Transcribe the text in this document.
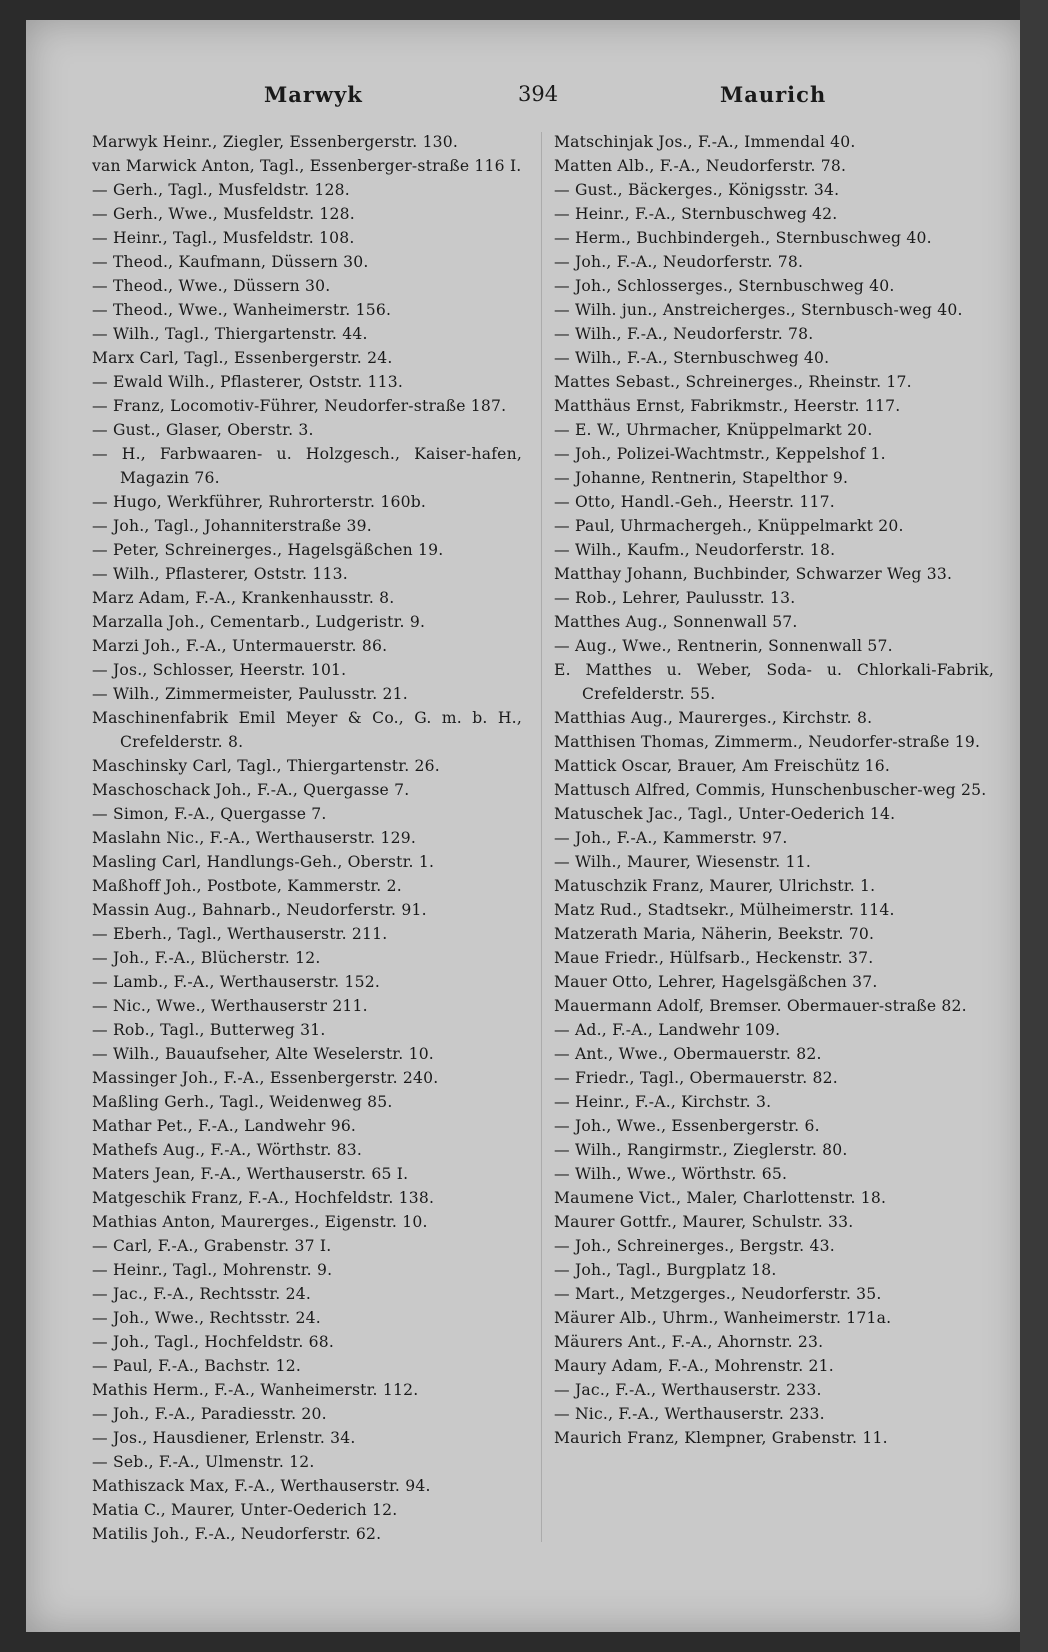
Marwyk	394	Maurich
Marwyk Heinr., Ziegler, Essenbergerstr. 130.
van Marwick Anton, Tagl., Essenberger-straße 116 I.
— Gerh., Tagl., Musfeldstr. 128.
— Gerh., Wwe., Musfeldstr. 128.
— Heinr., Tagl., Musfeldstr. 108.
— Theod., Kaufmann, Düssern 30.
— Theod., Wwe., Düssern 30.
— Theod., Wwe., Wanheimerstr. 156.
— Wilh., Tagl., Thiergartenstr. 44.
Marx Carl, Tagl., Essenbergerstr. 24.
— Ewald Wilh., Pflasterer, Oststr. 113.
— Franz, Locomotiv-Führer, Neudorfer-straße 187.
— Gust., Glaser, Oberstr. 3.
— H., Farbwaaren- u. Holzgesch., Kaiser-hafen, Magazin 76.
— Hugo, Werkführer, Ruhrorterstr. 160b.
— Joh., Tagl., Johanniterstraße 39.
— Peter, Schreinerges., Hagelsgäßchen 19.
— Wilh., Pflasterer, Oststr. 113.
Marz Adam, F.-A., Krankenhausstr. 8.
Marzalla Joh., Cementarb., Ludgeristr. 9.
Marzi Joh., F.-A., Untermauerstr. 86.
— Jos., Schlosser, Heerstr. 101.
— Wilh., Zimmermeister, Paulusstr. 21.
Maschinenfabrik Emil Meyer & Co., G. m. b. H., Crefelderstr. 8.
Maschinsky Carl, Tagl., Thiergartenstr. 26.
Maschoschack Joh., F.-A., Quergasse 7.
— Simon, F.-A., Quergasse 7.
Maslahn Nic., F.-A., Werthauserstr. 129.
Masling Carl, Handlungs-Geh., Oberstr. 1.
Maßhoff Joh., Postbote, Kammerstr. 2.
Massin Aug., Bahnarb., Neudorferstr. 91.
— Eberh., Tagl., Werthauserstr. 211.
— Joh., F.-A., Blücherstr. 12.
— Lamb., F.-A., Werthauserstr. 152.
— Nic., Wwe., Werthauserstr 211.
— Rob., Tagl., Butterweg 31.
— Wilh., Bauaufseher, Alte Weselerstr. 10.
Massinger Joh., F.-A., Essenbergerstr. 240.
Maßling Gerh., Tagl., Weidenweg 85.
Mathar Pet., F.-A., Landwehr 96.
Mathefs Aug., F.-A., Wörthstr. 83.
Maters Jean, F.-A., Werthauserstr. 65 I.
Matgeschik Franz, F.-A., Hochfeldstr. 138.
Mathias Anton, Maurerges., Eigenstr. 10.
— Carl, F.-A., Grabenstr. 37 I.
— Heinr., Tagl., Mohrenstr. 9.
— Jac., F.-A., Rechtsstr. 24.
— Joh., Wwe., Rechtsstr. 24.
— Joh., Tagl., Hochfeldstr. 68.
— Paul, F.-A., Bachstr. 12.
Mathis Herm., F.-A., Wanheimerstr. 112.
— Joh., F.-A., Paradiesstr. 20.
— Jos., Hausdiener, Erlenstr. 34.
— Seb., F.-A., Ulmenstr. 12.
Mathiszack Max, F.-A., Werthauserstr. 94.
Matia C., Maurer, Unter-Oederich 12.
Matilis Joh., F.-A., Neudorferstr. 62.
Matschinjak Jos., F.-A., Immendal 40.
Matten Alb., F.-A., Neudorferstr. 78.
— Gust., Bäckerges., Königsstr. 34.
— Heinr., F.-A., Sternbuschweg 42.
— Herm., Buchbindergeh., Sternbuschweg 40.
— Joh., F.-A., Neudorferstr. 78.
— Joh., Schlosserges., Sternbuschweg 40.
— Wilh. jun., Anstreicherges., Sternbusch-weg 40.
— Wilh., F.-A., Neudorferstr. 78.
— Wilh., F.-A., Sternbuschweg 40.
Mattes Sebast., Schreinerges., Rheinstr. 17.
Matthäus Ernst, Fabrikmstr., Heerstr. 117.
— E. W., Uhrmacher, Knüppelmarkt 20.
— Joh., Polizei-Wachtmstr., Keppelshof 1.
— Johanne, Rentnerin, Stapelthor 9.
— Otto, Handl.-Geh., Heerstr. 117.
— Paul, Uhrmachergeh., Knüppelmarkt 20.
— Wilh., Kaufm., Neudorferstr. 18.
Matthay Johann, Buchbinder, Schwarzer Weg 33.
— Rob., Lehrer, Paulusstr. 13.
Matthes Aug., Sonnenwall 57.
— Aug., Wwe., Rentnerin, Sonnenwall 57.
E. Matthes u. Weber, Soda- u. Chlorkali-Fabrik, Crefelderstr. 55.
Matthias Aug., Maurerges., Kirchstr. 8.
Matthisen Thomas, Zimmerm., Neudorfer-straße 19.
Mattick Oscar, Brauer, Am Freischütz 16.
Mattusch Alfred, Commis, Hunschenbuscher-weg 25.
Matuschek Jac., Tagl., Unter-Oederich 14.
— Joh., F.-A., Kammerstr. 97.
— Wilh., Maurer, Wiesenstr. 11.
Matuschzik Franz, Maurer, Ulrichstr. 1.
Matz Rud., Stadtsekr., Mülheimerstr. 114.
Matzerath Maria, Näherin, Beekstr. 70.
Maue Friedr., Hülfsarb., Heckenstr. 37.
Mauer Otto, Lehrer, Hagelsgäßchen 37.
Mauermann Adolf, Bremser. Obermauer-straße 82.
— Ad., F.-A., Landwehr 109.
— Ant., Wwe., Obermauerstr. 82.
— Friedr., Tagl., Obermauerstr. 82.
— Heinr., F.-A., Kirchstr. 3.
— Joh., Wwe., Essenbergerstr. 6.
— Wilh., Rangirmstr., Zieglerstr. 80.
— Wilh., Wwe., Wörthstr. 65.
Maumene Vict., Maler, Charlottenstr. 18.
Maurer Gottfr., Maurer, Schulstr. 33.
— Joh., Schreinerges., Bergstr. 43.
— Joh., Tagl., Burgplatz 18.
— Mart., Metzgerges., Neudorferstr. 35.
Mäurer Alb., Uhrm., Wanheimerstr. 171a.
Mäurers Ant., F.-A., Ahornstr. 23.
Maury Adam, F.-A., Mohrenstr. 21.
— Jac., F.-A., Werthauserstr. 233.
— Nic., F.-A., Werthauserstr. 233.
Maurich Franz, Klempner, Grabenstr. 11.
